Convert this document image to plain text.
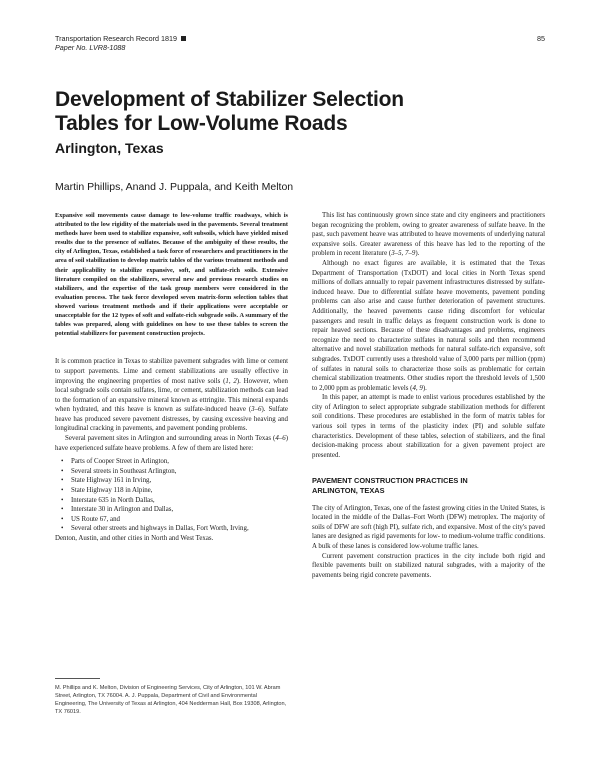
Transportation Research Record 1819
Paper No. LVR8-1088
85
Development of Stabilizer Selection
Tables for Low-Volume Roads
Arlington, Texas
Martin Phillips, Anand J. Puppala, and Keith Melton

Expansive soil movements cause damage to low-volume traffic roadways, which is attributed to the low rigidity of the materials used in the pavements. Several treatment methods have been used to stabilize expansive, soft subsoils, which have yielded mixed results due to the presence of sulfates. Because of the ambiguity of these results, the city of Arlington, Texas, established a task force of researchers and practitioners in the area of soil stabilization to develop matrix tables of the various treatment methods and their applicability to stabilize expansive, soft, and sulfate-rich soils. Extensive literature compiled on the stabilizers, several new and previous research studies on stabilizers, and the expertise of the task group members were considered in the evaluation process. The task force developed seven matrix-form selection tables that showed various treatment methods and if their applications were acceptable or unacceptable for the 12 types of soft and sulfate-rich subgrade soils. A summary of the tables was prepared, along with guidelines on how to use these tables to screen the potential stabilizers for pavement construction projects.

It is common practice in Texas to stabilize pavement subgrades with lime or cement to support pavements. Lime and cement stabilizations are usually effective in improving the engineering properties of most native soils (1, 2). However, when local subgrade soils contain sulfates, lime, or cement, stabilization methods can lead to the formation of an expansive mineral known as ettringite. This mineral expands when hydrated, and this heave is known as sulfate-induced heave (3–6). Sulfate heave has produced severe pavement distresses, by causing excessive heaving and longitudinal cracking in pavements, and pavement ponding problems.

Several pavement sites in Arlington and surrounding areas in North Texas (4–6) have experienced sulfate heave problems. A few of them are listed here:

• Parts of Cooper Street in Arlington,
• Several streets in Southeast Arlington,
• State Highway 161 in Irving,
• State Highway 118 in Alpine,
• Interstate 635 in North Dallas,
• Interstate 30 in Arlington and Dallas,
• US Route 67, and
• Several other streets and highways in Dallas, Fort Worth, Irving,
Denton, Austin, and other cities in North and West Texas.
M. Phillips and K. Melton, Division of Engineering Services, City of Arlington, 101 W. Abram Street, Arlington, TX 76004. A. J. Puppala, Department of Civil and Environmental Engineering, The University of Texas at Arlington, 404 Nedderman Hall, Box 19308, Arlington, TX 76019.

This list has continuously grown since state and city engineers and practitioners began recognizing the problem, owing to greater awareness of sulfate heave. In the past, such pavement heave was attributed to heave movements of underlying natural expansive soils. Greater awareness of this heave has led to the reporting of the problem in recent literature (3–5, 7–9).

Although no exact figures are available, it is estimated that the Texas Department of Transportation (TxDOT) and local cities in North Texas spend millions of dollars annually to repair pavement infrastructures distressed by sulfate-induced heave. Due to differential sulfate heave movements, pavement ponding problems can also arise and cause further deterioration of pavement structures. Additionally, the heaved pavements cause riding discomfort for vehicular passengers and result in traffic delays as frequent construction work is done to repair heaved sections. Because of these disadvantages and problems, engineers recognize the need to characterize sulfates in natural soils and then recommend alternative and novel stabilization methods for natural sulfate-rich expansive, soft subgrades. TxDOT currently uses a threshold value of 3,000 parts per million (ppm) of sulfates in natural soils to characterize those soils as problematic for certain chemical stabilization treatments. Other studies report the threshold levels of 1,500 to 2,000 ppm as problematic levels (4, 9).

In this paper, an attempt is made to enlist various procedures established by the city of Arlington to select appropriate subgrade stabilization methods for different soil conditions. These procedures are established in the form of matrix tables for various soil types in terms of the plasticity index (PI) and soluble sulfate characteristics. Development of these tables, selection of stabilizers, and the final decision-making process about stabilization for a given pavement project are presented.

PAVEMENT CONSTRUCTION PRACTICES IN
ARLINGTON, TEXAS

The city of Arlington, Texas, one of the fastest growing cities in the United States, is located in the middle of the Dallas–Fort Worth (DFW) metroplex. The majority of soils of DFW are soft (high PI), sulfate rich, and expansive. Most of the city's paved lanes are designed as rigid pavements for low- to medium-volume traffic conditions. A bulk of these lanes is considered low-volume traffic lanes.

Current pavement construction practices in the city include both rigid and flexible pavements built on stabilized natural subgrades, with a majority of the pavements being rigid concrete pavements.
